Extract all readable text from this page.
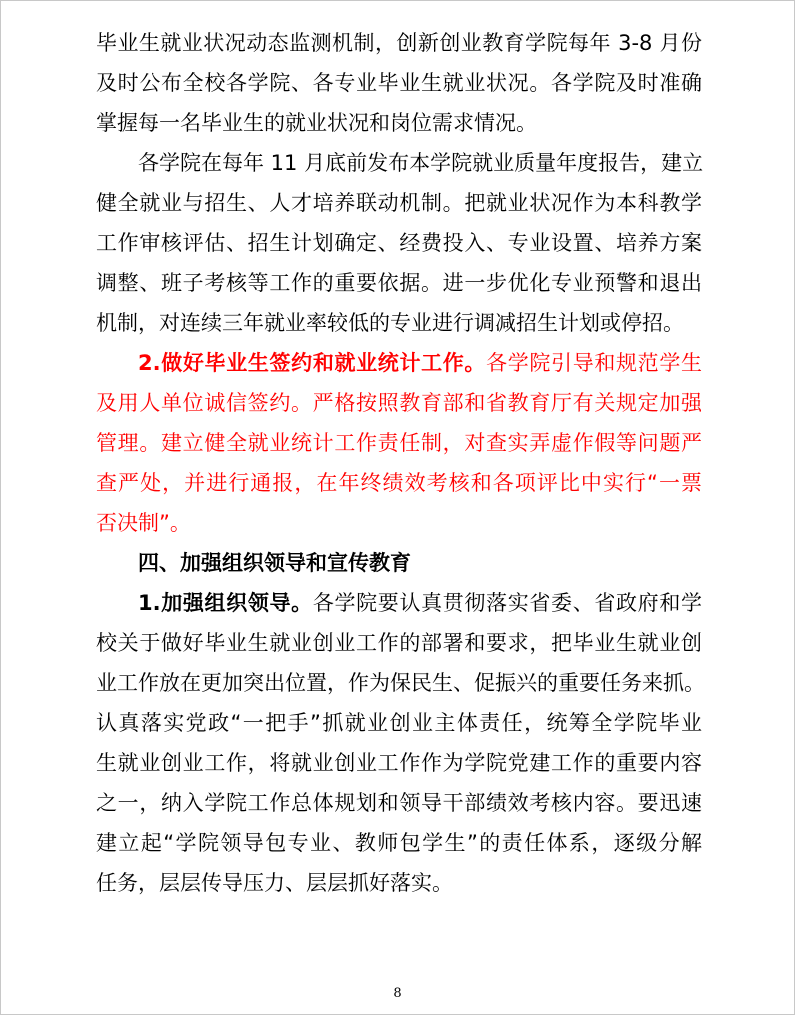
毕业生就业状况动态监测机制，创新创业教育学院每年 3-8 月份
及时公布全校各学院、各专业毕业生就业状况。各学院及时准确
掌握每一名毕业生的就业状况和岗位需求情况。
各学院在每年 11 月底前发布本学院就业质量年度报告，建立
健全就业与招生、人才培养联动机制。把就业状况作为本科教学
工作审核评估、招生计划确定、经费投入、专业设置、培养方案
调整、班子考核等工作的重要依据。进一步优化专业预警和退出
机制，对连续三年就业率较低的专业进行调减招生计划或停招。
2.做好毕业生签约和就业统计工作。各学院引导和规范学生
及用人单位诚信签约。严格按照教育部和省教育厅有关规定加强
管理。建立健全就业统计工作责任制，对查实弄虚作假等问题严
查严处，并进行通报，在年终绩效考核和各项评比中实行“一票
否决制”。
四、加强组织领导和宣传教育
1.加强组织领导。各学院要认真贯彻落实省委、省政府和学
校关于做好毕业生就业创业工作的部署和要求，把毕业生就业创
业工作放在更加突出位置，作为保民生、促振兴的重要任务来抓。
认真落实党政“一把手”抓就业创业主体责任，统筹全学院毕业
生就业创业工作，将就业创业工作作为学院党建工作的重要内容
之一，纳入学院工作总体规划和领导干部绩效考核内容。要迅速
建立起“学院领导包专业、教师包学生”的责任体系，逐级分解
任务，层层传导压力、层层抓好落实。
8
